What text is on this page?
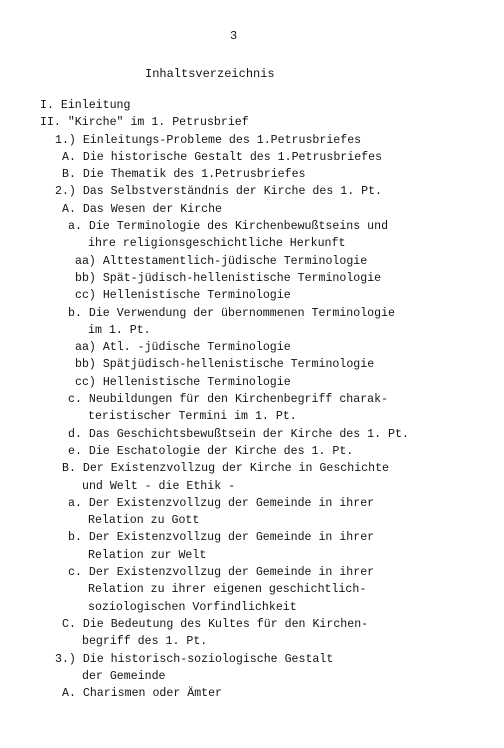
3
Inhaltsverzeichnis
I. Einleitung
II. "Kirche" im 1. Petrusbrief
1.) Einleitungs-Probleme des 1.Petrusbriefes
A. Die historische Gestalt des 1.Petrusbriefes
B. Die Thematik des 1.Petrusbriefes
2.) Das Selbstverständnis der Kirche des 1. Pt.
A. Das Wesen der Kirche
a. Die Terminologie des Kirchenbewußtseins und
ihre religionsgeschichtliche Herkunft
aa) Alttestamentlich-jüdische Terminologie
bb) Spät-jüdisch-hellenistische Terminologie
cc) Hellenistische Terminologie
b. Die Verwendung der übernommenen Terminologie
im 1. Pt.
aa) Atl. -jüdische Terminologie
bb) Spätjüdisch-hellenistische Terminologie
cc) Hellenistische Terminologie
c. Neubildungen für den Kirchenbegriff charak-
teristischer Termini im 1. Pt.
d. Das Geschichtsbewußtsein der Kirche des 1. Pt.
e. Die Eschatologie der Kirche des 1. Pt.
B. Der Existenzvollzug der Kirche in Geschichte
und Welt - die Ethik -
a. Der Existenzvollzug der Gemeinde in ihrer
Relation zu Gott
b. Der Existenzvollzug der Gemeinde in ihrer
Relation zur Welt
c. Der Existenzvollzug der Gemeinde in ihrer
Relation zu ihrer eigenen geschichtlich-
soziologischen Vorfindlichkeit
C. Die Bedeutung des Kultes für den Kirchen-
begriff des 1. Pt.
3.) Die historisch-soziologische Gestalt
der Gemeinde
A. Charismen oder Ämter
